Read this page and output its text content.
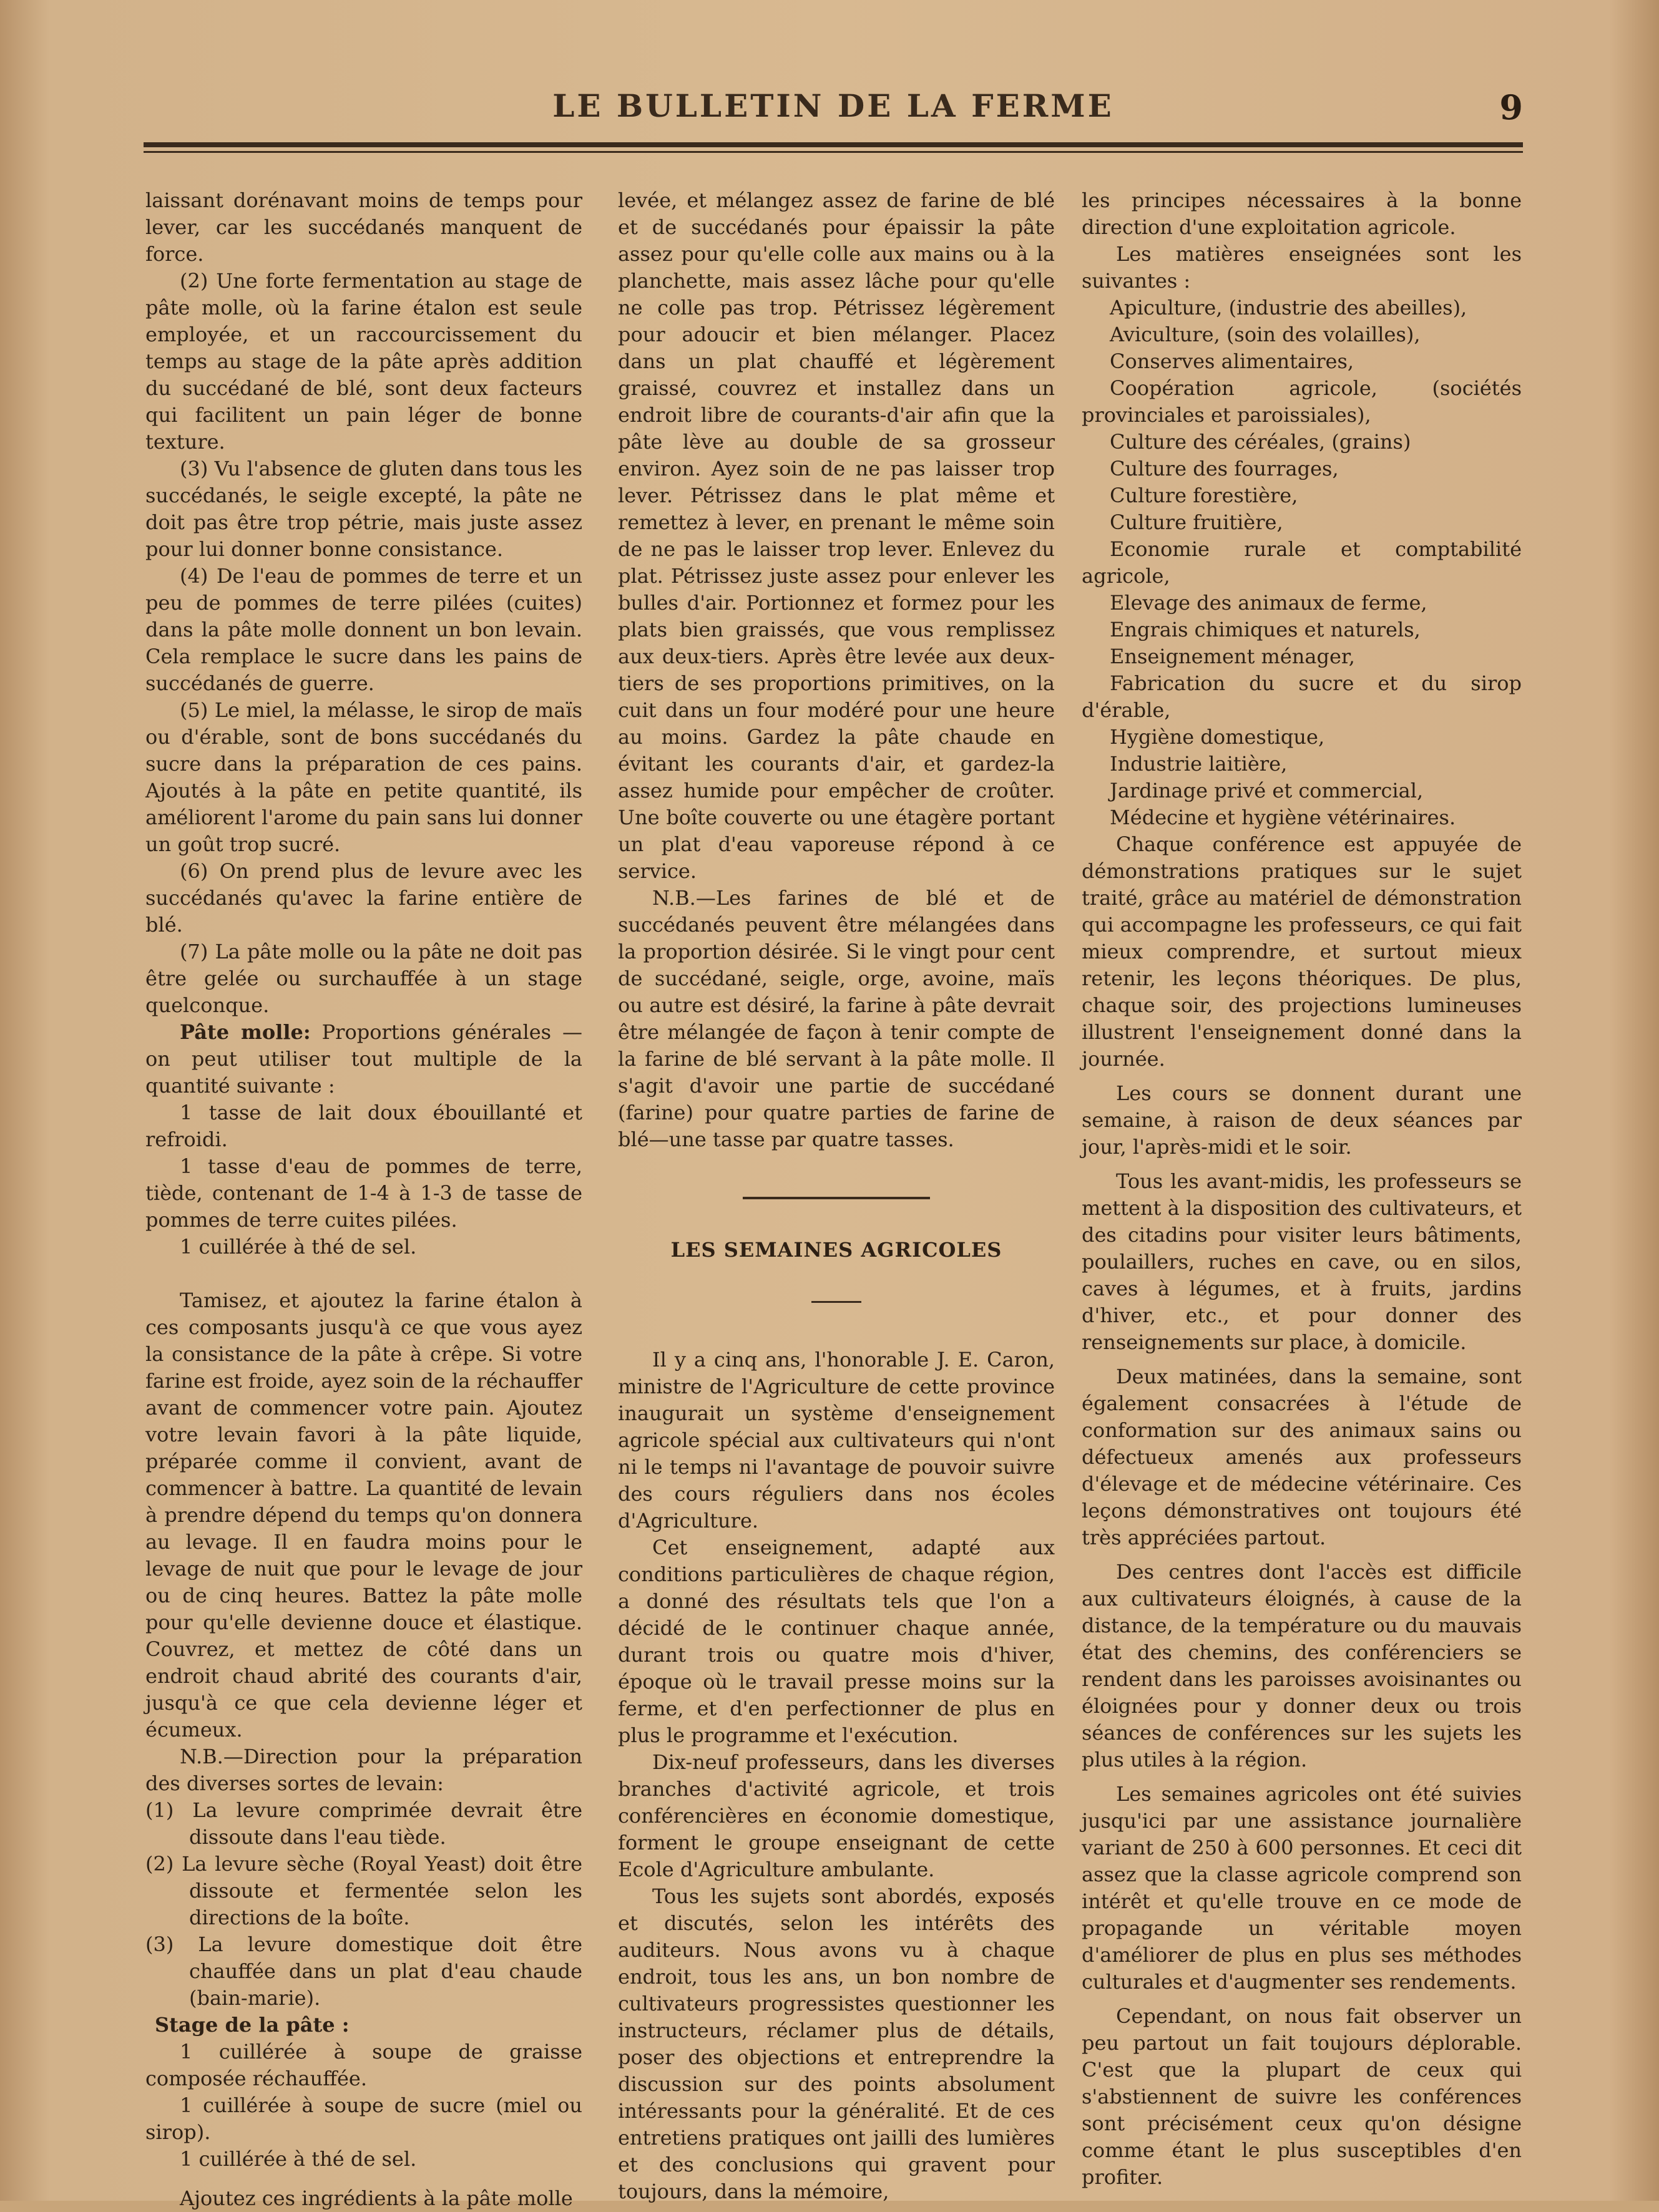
LE BULLETIN DE LA FERME	9

laissant dorénavant moins de temps pour lever, car les succédanés manquent de force.

(2) Une forte fermentation au stage de pâte molle, où la farine étalon est seule employée, et un raccourcissement du temps au stage de la pâte après addition du succédané de blé, sont deux facteurs qui facilitent un pain léger de bonne texture.

(3) Vu l'absence de gluten dans tous les succédanés, le seigle excepté, la pâte ne doit pas être trop pétrie, mais juste assez pour lui donner bonne consistance.

(4) De l'eau de pommes de terre et un peu de pommes de terre pilées (cuites) dans la pâte molle donnent un bon levain. Cela remplace le sucre dans les pains de succédanés de guerre.

(5) Le miel, la mélasse, le sirop de maïs ou d'érable, sont de bons succédanés du sucre dans la préparation de ces pains. Ajoutés à la pâte en petite quantité, ils améliorent l'arome du pain sans lui donner un goût trop sucré.

(6) On prend plus de levure avec les succédanés qu'avec la farine entière de blé.

(7) La pâte molle ou la pâte ne doit pas être gelée ou surchauffée à un stage quelconque.

Pâte molle: Proportions générales — on peut utiliser tout multiple de la quantité suivante :

1 tasse de lait doux ébouillanté et refroidi.

1 tasse d'eau de pommes de terre, tiède, contenant de 1-4 à 1-3 de tasse de pommes de terre cuites pilées.

1 cuillérée à thé de sel.

Tamisez, et ajoutez la farine étalon à ces composants jusqu'à ce que vous ayez la consistance de la pâte à crêpe. Si votre farine est froide, ayez soin de la réchauffer avant de commencer votre pain. Ajoutez votre levain favori à la pâte liquide, préparée comme il convient, avant de commencer à battre. La quantité de levain à prendre dépend du temps qu'on donnera au levage. Il en faudra moins pour le levage de nuit que pour le levage de jour ou de cinq heures. Battez la pâte molle pour qu'elle devienne douce et élastique. Couvrez, et mettez de côté dans un endroit chaud abrité des courants d'air, jusqu'à ce que cela devienne léger et écumeux.

N.B.—Direction pour la préparation des diverses sortes de levain:

(1) La levure comprimée devrait être dissoute dans l'eau tiède.

(2) La levure sèche (Royal Yeast) doit être dissoute et fermentée selon les directions de la boîte.

(3) La levure domestique doit être chauffée dans un plat d'eau chaude (bain-marie).

Stage de la pâte :

1 cuillérée à soupe de graisse composée réchauffée.

1 cuillérée à soupe de sucre (miel ou sirop).

1 cuillérée à thé de sel.

Ajoutez ces ingrédients à la pâte molle

levée, et mélangez assez de farine de blé et de succédanés pour épaissir la pâte assez pour qu'elle colle aux mains ou à la planchette, mais assez lâche pour qu'elle ne colle pas trop. Pétrissez légèrement pour adoucir et bien mélanger. Placez dans un plat chauffé et légèrement graissé, couvrez et installez dans un endroit libre de courants-d'air afin que la pâte lève au double de sa grosseur environ. Ayez soin de ne pas laisser trop lever. Pétrissez dans le plat même et remettez à lever, en prenant le même soin de ne pas le laisser trop lever. Enlevez du plat. Pétrissez juste assez pour enlever les bulles d'air. Portionnez et formez pour les plats bien graissés, que vous remplissez aux deux-tiers. Après être levée aux deux-tiers de ses proportions primitives, on la cuit dans un four modéré pour une heure au moins. Gardez la pâte chaude en évitant les courants d'air, et gardez-la assez humide pour empêcher de croûter. Une boîte couverte ou une étagère portant un plat d'eau vaporeuse répond à ce service.

N.B.—Les farines de blé et de succédanés peuvent être mélangées dans la proportion désirée. Si le vingt pour cent de succédané, seigle, orge, avoine, maïs ou autre est désiré, la farine à pâte devrait être mélangée de façon à tenir compte de la farine de blé servant à la pâte molle. Il s'agit d'avoir une partie de succédané (farine) pour quatre parties de farine de blé—une tasse par quatre tasses.

LES SEMAINES AGRICOLES

Il y a cinq ans, l'honorable J. E. Caron, ministre de l'Agriculture de cette province inaugurait un système d'enseignement agricole spécial aux cultivateurs qui n'ont ni le temps ni l'avantage de pouvoir suivre des cours réguliers dans nos écoles d'Agriculture.

Cet enseignement, adapté aux conditions particulières de chaque région, a donné des résultats tels que l'on a décidé de le continuer chaque année, durant trois ou quatre mois d'hiver, époque où le travail presse moins sur la ferme, et d'en perfectionner de plus en plus le programme et l'exécution.

Dix-neuf professeurs, dans les diverses branches d'activité agricole, et trois conférencières en économie domestique, forment le groupe enseignant de cette Ecole d'Agriculture ambulante.

Tous les sujets sont abordés, exposés et discutés, selon les intérêts des auditeurs. Nous avons vu à chaque endroit, tous les ans, un bon nombre de cultivateurs progressistes questionner les instructeurs, réclamer plus de détails, poser des objections et entreprendre la discussion sur des points absolument intéressants pour la généralité. Et de ces entretiens pratiques ont jailli des lumières et des conclusions qui gravent pour toujours, dans la mémoire,

les principes nécessaires à la bonne direction d'une exploitation agricole.

Les matières enseignées sont les suivantes :

Apiculture, (industrie des abeilles),

Aviculture, (soin des volailles),

Conserves alimentaires,

Coopération agricole, (sociétés provinciales et paroissiales),

Culture des céréales, (grains)

Culture des fourrages,

Culture forestière,

Culture fruitière,

Economie rurale et comptabilité agricole,

Elevage des animaux de ferme,

Engrais chimiques et naturels,

Enseignement ménager,

Fabrication du sucre et du sirop d'érable,

Hygiène domestique,

Industrie laitière,

Jardinage privé et commercial,

Médecine et hygiène vétérinaires.

Chaque conférence est appuyée de démonstrations pratiques sur le sujet traité, grâce au matériel de démonstration qui accompagne les professeurs, ce qui fait mieux comprendre, et surtout mieux retenir, les leçons théoriques. De plus, chaque soir, des projections lumineuses illustrent l'enseignement donné dans la journée.

Les cours se donnent durant une semaine, à raison de deux séances par jour, l'après-midi et le soir.

Tous les avant-midis, les professeurs se mettent à la disposition des cultivateurs, et des citadins pour visiter leurs bâtiments, poulaillers, ruches en cave, ou en silos, caves à légumes, et à fruits, jardins d'hiver, etc., et pour donner des renseignements sur place, à domicile.

Deux matinées, dans la semaine, sont également consacrées à l'étude de conformation sur des animaux sains ou défectueux amenés aux professeurs d'élevage et de médecine vétérinaire. Ces leçons démonstratives ont toujours été très appréciées partout.

Des centres dont l'accès est difficile aux cultivateurs éloignés, à cause de la distance, de la température ou du mauvais état des chemins, des conférenciers se rendent dans les paroisses avoisinantes ou éloignées pour y donner deux ou trois séances de conférences sur les sujets les plus utiles à la région.

Les semaines agricoles ont été suivies jusqu'ici par une assistance journalière variant de 250 à 600 personnes. Et ceci dit assez que la classe agricole comprend son intérêt et qu'elle trouve en ce mode de propagande un véritable moyen d'améliorer de plus en plus ses méthodes culturales et d'augmenter ses rendements.

Cependant, on nous fait observer un peu partout un fait toujours déplorable. C'est que la plupart de ceux qui s'abstiennent de suivre les conférences sont précisément ceux qu'on désigne comme étant le plus susceptibles d'en profiter.
